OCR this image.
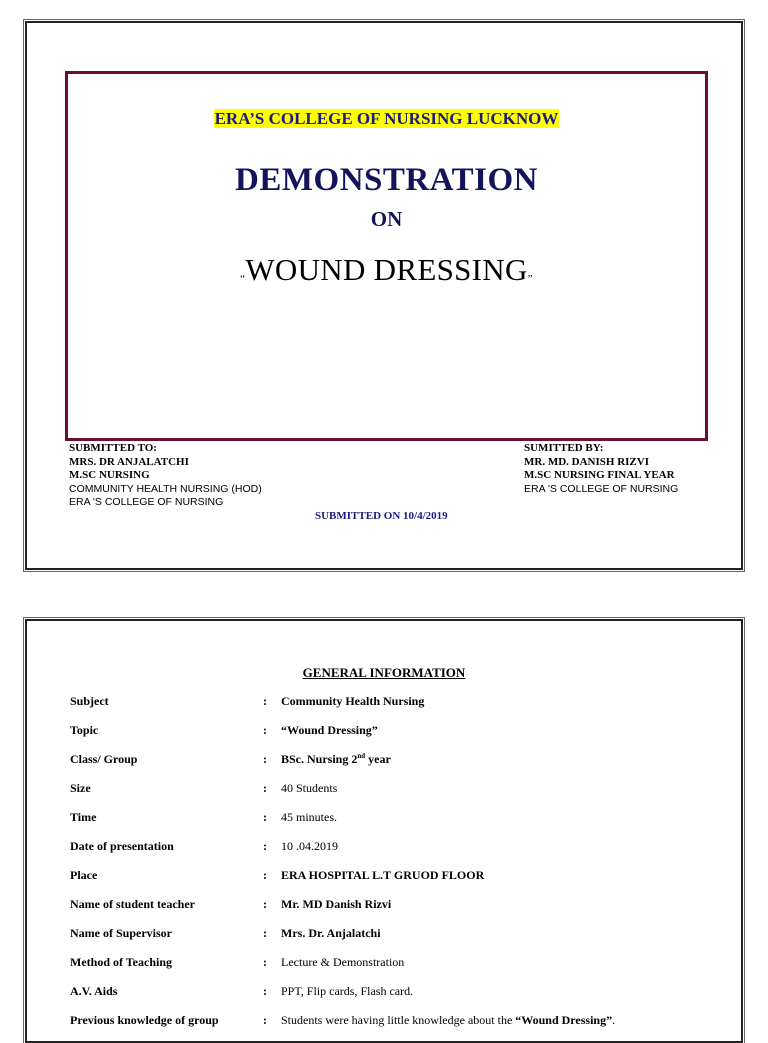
ERA’S COLLEGE OF NURSING LUCKNOW
DEMONSTRATION
ON
“WOUND DRESSING”
SUBMITTED TO:
MRS. DR ANJALATCHI
M.SC NURSING
COMMUNITY HEALTH NURSING (HOD)
ERA 'S COLLEGE OF NURSING
SUMITTED BY:
MR. MD. DANISH RIZVI
M.SC NURSING FINAL YEAR
ERA 'S COLLEGE OF NURSING
SUBMITTED ON 10/4/2019
GENERAL INFORMATION
Subject	: Community Health Nursing
Topic	: “Wound Dressing”
Class/ Group	: BSc. Nursing 2nd year
Size	: 40 Students
Time	: 45 minutes.
Date of presentation	: 10 .04.2019
Place	: ERA HOSPITAL L.T GRUOD FLOOR
Name of student teacher	: Mr. MD Danish Rizvi
Name of Supervisor	: Mrs. Dr. Anjalatchi
Method of Teaching	: Lecture & Demonstration
A.V. Aids	: PPT, Flip cards, Flash card.
Previous knowledge of group	: Students were having little knowledge about the “Wound Dressing”.
